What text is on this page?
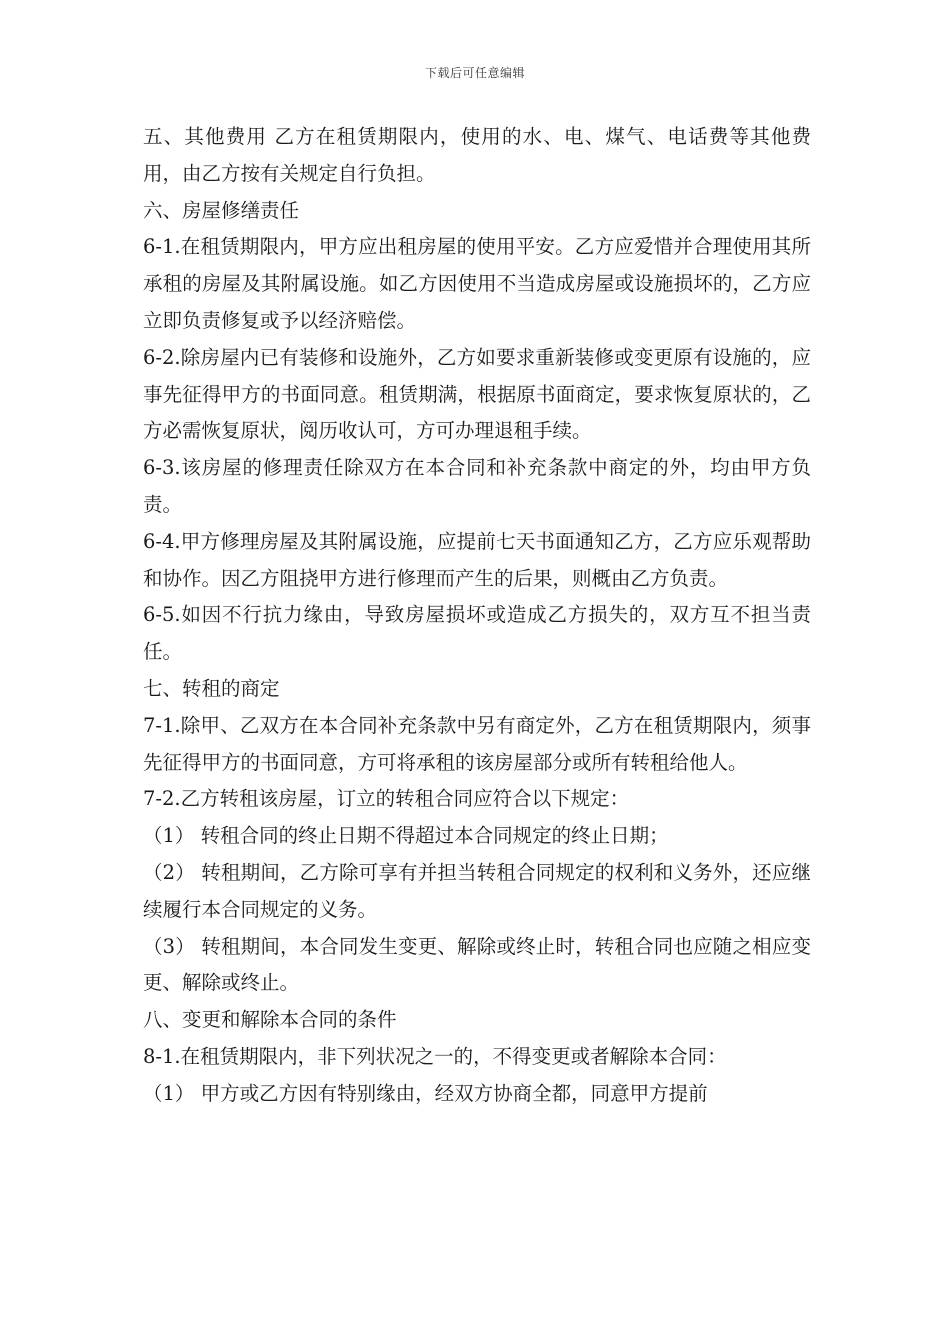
下载后可任意编辑

五、其他费用 乙方在租赁期限内，使用的水、电、煤气、电话费等其他费用，由乙方按有关规定自行负担。

六、房屋修缮责任

6-1.在租赁期限内，甲方应出租房屋的使用平安。乙方应爱惜并合理使用其所承租的房屋及其附属设施。如乙方因使用不当造成房屋或设施损坏的，乙方应立即负责修复或予以经济赔偿。

6-2.除房屋内已有装修和设施外，乙方如要求重新装修或变更原有设施的，应事先征得甲方的书面同意。租赁期满，根据原书面商定，要求恢复原状的，乙方必需恢复原状，阅历收认可，方可办理退租手续。

6-3.该房屋的修理责任除双方在本合同和补充条款中商定的外，均由甲方负责。

6-4.甲方修理房屋及其附属设施，应提前七天书面通知乙方，乙方应乐观帮助和协作。因乙方阻挠甲方进行修理而产生的后果，则概由乙方负责。

6-5.如因不行抗力缘由，导致房屋损坏或造成乙方损失的，双方互不担当责任。

七、转租的商定

7-1.除甲、乙双方在本合同补充条款中另有商定外，乙方在租赁期限内，须事先征得甲方的书面同意，方可将承租的该房屋部分或所有转租给他人。

7-2.乙方转租该房屋，订立的转租合同应符合以下规定：

（1） 转租合同的终止日期不得超过本合同规定的终止日期；

（2） 转租期间，乙方除可享有并担当转租合同规定的权利和义务外，还应继续履行本合同规定的义务。

（3） 转租期间，本合同发生变更、解除或终止时，转租合同也应随之相应变更、解除或终止。

八、变更和解除本合同的条件

8-1.在租赁期限内，非下列状况之一的，不得变更或者解除本合同：

（1） 甲方或乙方因有特别缘由，经双方协商全都，同意甲方提前
